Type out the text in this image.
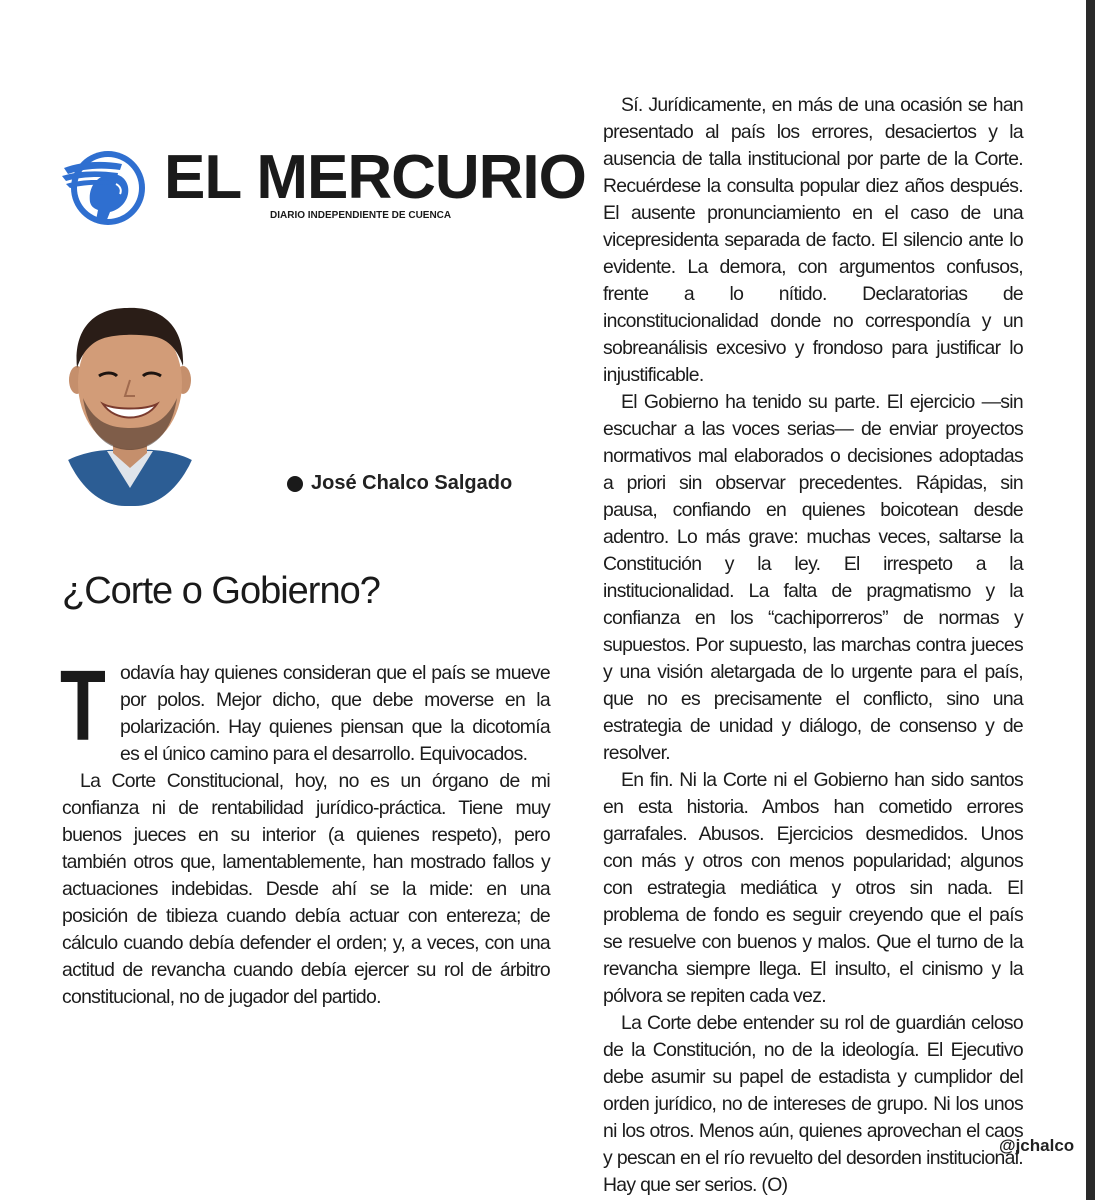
EL MERCURIO
DIARIO INDEPENDIENTE DE CUENCA
José Chalco Salgado
¿Corte o Gobierno?

Todavía hay quienes consideran que el país se mueve por polos. Mejor dicho, que debe moverse en la polarización. Hay quienes piensan que la dicotomía es el único camino para el desarrollo. Equivocados.

La Corte Constitucional, hoy, no es un órgano de mi confianza ni de rentabilidad jurídico-práctica. Tiene muy buenos jueces en su interior (a quienes respeto), pero también otros que, lamentablemente, han mostrado fallos y actuaciones indebidas. Desde ahí se la mide: en una posición de tibieza cuando debía actuar con entereza; de cálculo cuando debía defender el orden; y, a veces, con una actitud de revancha cuando debía ejercer su rol de árbitro constitucional, no de jugador del partido.

Sí. Jurídicamente, en más de una ocasión se han presentado al país los errores, desaciertos y la ausencia de talla institucional por parte de la Corte. Recuérdese la consulta popular diez años después. El ausente pronunciamiento en el caso de una vicepresidenta separada de facto. El silencio ante lo evidente. La demora, con argumentos confusos, frente a lo nítido. Declaratorias de inconstitucionalidad donde no correspondía y un sobreanálisis excesivo y frondoso para justificar lo injustificable.

El Gobierno ha tenido su parte. El ejercicio —sin escuchar a las voces serias— de enviar proyectos normativos mal elaborados o decisiones adoptadas a priori sin observar precedentes. Rápidas, sin pausa, confiando en quienes boicotean desde adentro. Lo más grave: muchas veces, saltarse la Constitución y la ley. El irrespeto a la institucionalidad. La falta de pragmatismo y la confianza en los “cachiporreros” de normas y supuestos. Por supuesto, las marchas contra jueces y una visión aletargada de lo urgente para el país, que no es precisamente el conflicto, sino una estrategia de unidad y diálogo, de consenso y de resolver.

En fin. Ni la Corte ni el Gobierno han sido santos en esta historia. Ambos han cometido errores garrafales. Abusos. Ejercicios desmedidos. Unos con más y otros con menos popularidad; algunos con estrategia mediática y otros sin nada. El problema de fondo es seguir creyendo que el país se resuelve con buenos y malos. Que el turno de la revancha siempre llega. El insulto, el cinismo y la pólvora se repiten cada vez.

La Corte debe entender su rol de guardián celoso de la Constitución, no de la ideología. El Ejecutivo debe asumir su papel de estadista y cumplidor del orden jurídico, no de intereses de grupo. Ni los unos ni los otros. Menos aún, quienes aprovechan el caos y pescan en el río revuelto del desorden institucional. Hay que ser serios. (O)

@jchalco
